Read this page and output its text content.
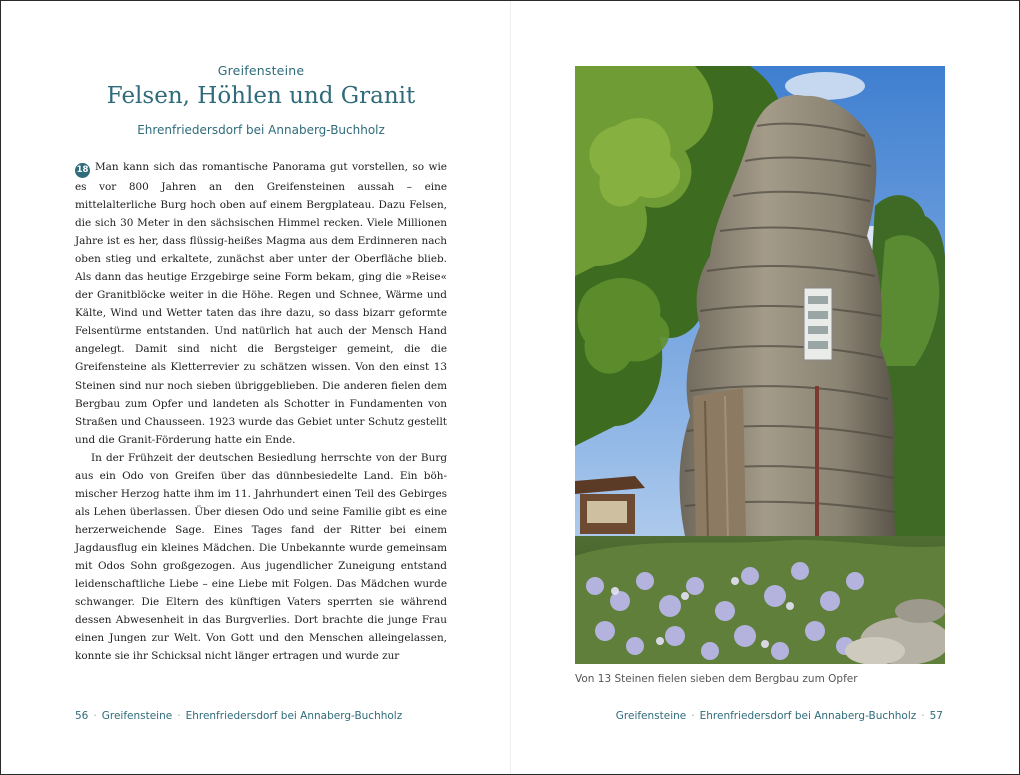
Greifensteine
Felsen, Höhlen und Granit
Ehrenfriedersdorf bei Annaberg-Buchholz

18 Man kann sich das romantische Panorama gut vorstellen, so wie es vor 800 Jahren an den Greifensteinen aussah – eine mittelalterliche Burg hoch oben auf einem Bergplateau. Dazu Felsen, die sich 30 Meter in den sächsischen Himmel recken. Viele Millionen Jahre ist es her, dass flüssig-heißes Magma aus dem Erdinneren nach oben stieg und erkaltete, zunächst aber unter der Oberfläche blieb. Als dann das heutige Erzgebirge seine Form bekam, ging die »Reise« der Granitblöcke weiter in die Höhe. Regen und Schnee, Wärme und Kälte, Wind und Wetter taten das ihre dazu, so dass bizarr geformte Felsentürme entstanden. Und natürlich hat auch der Mensch Hand angelegt. Damit sind nicht die Bergsteiger gemeint, die die Greifensteine als Kletterrevier zu schätzen wissen. Von den einst 13 Steinen sind nur noch sieben übriggeblieben. Die anderen fielen dem Bergbau zum Opfer und landeten als Schotter in Fundamenten von Straßen und Chausseen. 1923 wurde das Gebiet unter Schutz gestellt und die Granit-Förderung hatte ein Ende.

In der Frühzeit der deutschen Besiedlung herrschte von der Burg aus ein Odo von Greifen über das dünnbesiedelte Land. Ein böhmischer Herzog hatte ihm im 11. Jahrhundert einen Teil des Gebirges als Lehen überlassen. Über diesen Odo und seine Familie gibt es eine herzerweichende Sage. Eines Tages fand der Ritter bei einem Jagdausflug ein kleines Mädchen. Die Unbekannte wurde gemeinsam mit Odos Sohn großgezogen. Aus jugendlicher Zuneigung entstand leidenschaftliche Liebe – eine Liebe mit Folgen. Das Mädchen wurde schwanger. Die Eltern des künftigen Vaters sperrten sie während dessen Abwesenheit in das Burgverlies. Dort brachte die junge Frau einen Jungen zur Welt. Von Gott und den Menschen alleingelassen, konnte sie ihr Schicksal nicht länger ertragen und wurde zur

56 · Greifensteine · Ehrenfriedersdorf bei Annaberg-Buchholz
Von 13 Steinen fielen sieben dem Bergbau zum Opfer
Greifensteine · Ehrenfriedersdorf bei Annaberg-Buchholz · 57
